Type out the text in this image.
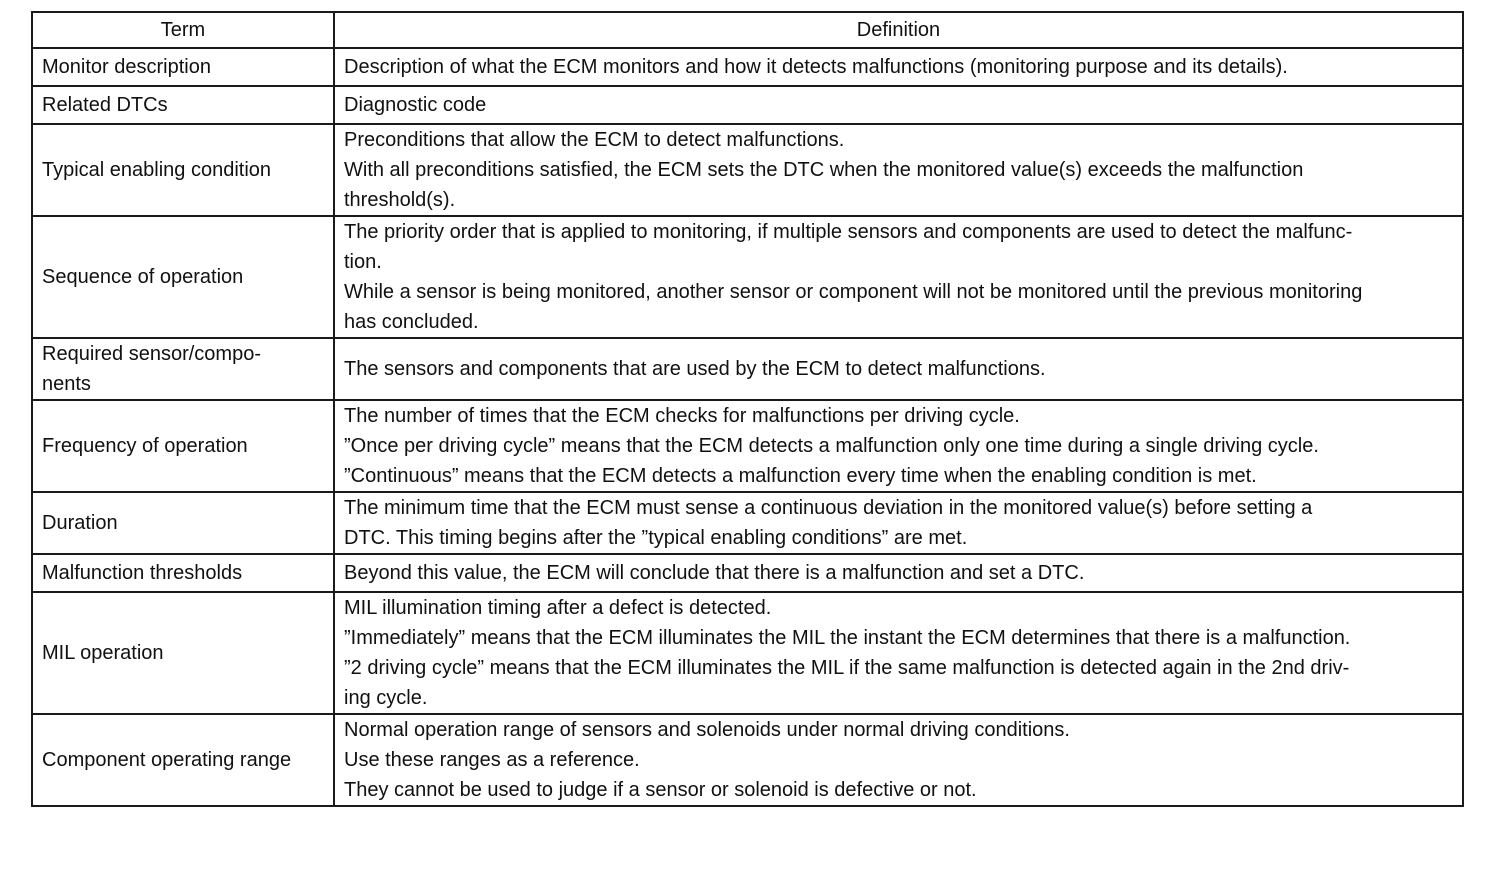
Term	Definition

Monitor description	Description of what the ECM monitors and how it detects malfunctions (monitoring purpose and its details).

Related DTCs	Diagnostic code

Typical enabling condition	Preconditions that allow the ECM to detect malfunctions.
With all preconditions satisfied, the ECM sets the DTC when the monitored value(s) exceeds the malfunction
threshold(s).

Sequence of operation	The priority order that is applied to monitoring, if multiple sensors and components are used to detect the malfunc-
tion.
While a sensor is being monitored, another sensor or component will not be monitored until the previous monitoring
has concluded.

Required sensor/compo-
nents	The sensors and components that are used by the ECM to detect malfunctions.

Frequency of operation	The number of times that the ECM checks for malfunctions per driving cycle.
”Once per driving cycle” means that the ECM detects a malfunction only one time during a single driving cycle.
”Continuous” means that the ECM detects a malfunction every time when the enabling condition is met.

Duration	The minimum time that the ECM must sense a continuous deviation in the monitored value(s) before setting a
DTC. This timing begins after the ”typical enabling conditions” are met.

Malfunction thresholds	Beyond this value, the ECM will conclude that there is a malfunction and set a DTC.

MIL operation	MIL illumination timing after a defect is detected.
”Immediately” means that the ECM illuminates the MIL the instant the ECM determines that there is a malfunction.
”2 driving cycle” means that the ECM illuminates the MIL if the same malfunction is detected again in the 2nd driv-
ing cycle.

Component operating range	Normal operation range of sensors and solenoids under normal driving conditions.
Use these ranges as a reference.
They cannot be used to judge if a sensor or solenoid is defective or not.
